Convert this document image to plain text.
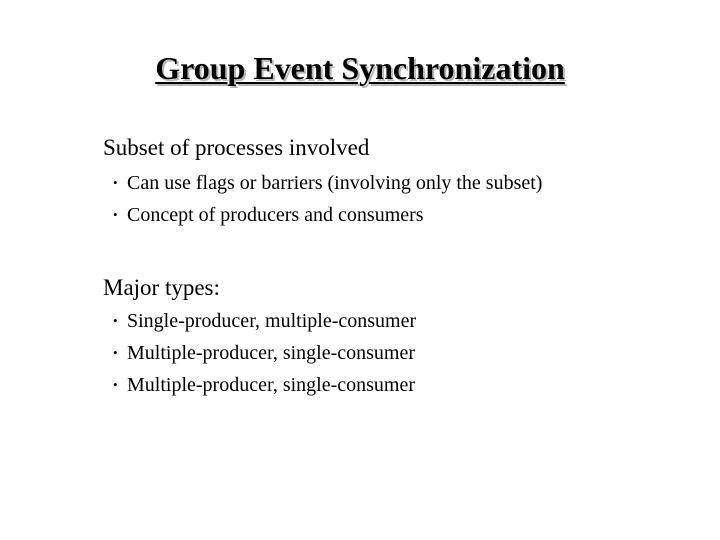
Group Event Synchronization

Subset of processes involved

• Can use flags or barriers (involving only the subset)
• Concept of producers and consumers

Major types:

• Single-producer, multiple-consumer
• Multiple-producer, single-consumer
• Multiple-producer, single-consumer
